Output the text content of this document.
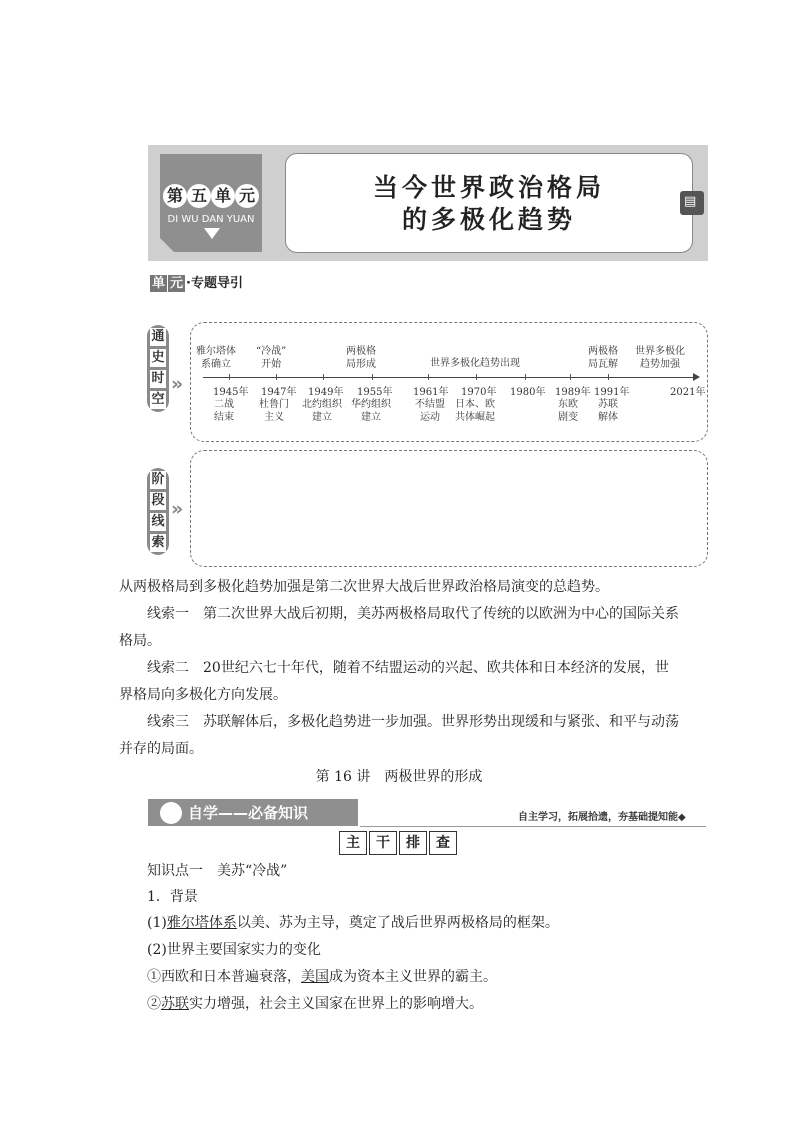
第 五 单 元
DI WU DAN YUAN
当今世界政治格局
的多极化趋势
▤
单 元 ·专题导引
通
史
时
空
»
雅尔塔体
系确立
“冷战”
开始
两极格
局形成	世界多极化趋势出现
两极格
局瓦解
世界多极化
趋势加强
1945年 1947年 1949年 1955年 1961年 1970年 1980年 1989年 1991年	2021年
二战
结束
杜鲁门
主义
北约组织
建立
华约组织
建立
不结盟
运动
日本、欧
共体崛起
东欧
剧变
苏联
解体
阶
段
线
索
»
从两极格局到多极化趋势加强是第二次世界大战后世界政治格局演变的总趋势。
线索一　 第二次世界大战后初期，美苏两极格局取代了传统的以欧洲为中心的国际关系格局。
线索二　 20世纪六七十年代，随着不结盟运动的兴起、欧共体和日本经济的发展，世界格局向多极化方向发展。
线索三　 苏联解体后，多极化趋势进一步加强。世界形势出现缓和与紧张、和平与动荡并存的局面。
第 16 讲　两极世界的形成
自学——必备知识	自主学习，拓展拾遗，夯基础提知能◆
主 干 排 查
知识点一　美苏“冷战”
1．背景
(1)雅尔塔体系以美、苏为主导，奠定了战后世界两极格局的框架。
(2)世界主要国家实力的变化
①西欧和日本普遍衰落，美国成为资本主义世界的霸主。
②苏联实力增强，社会主义国家在世界上的影响增大。
